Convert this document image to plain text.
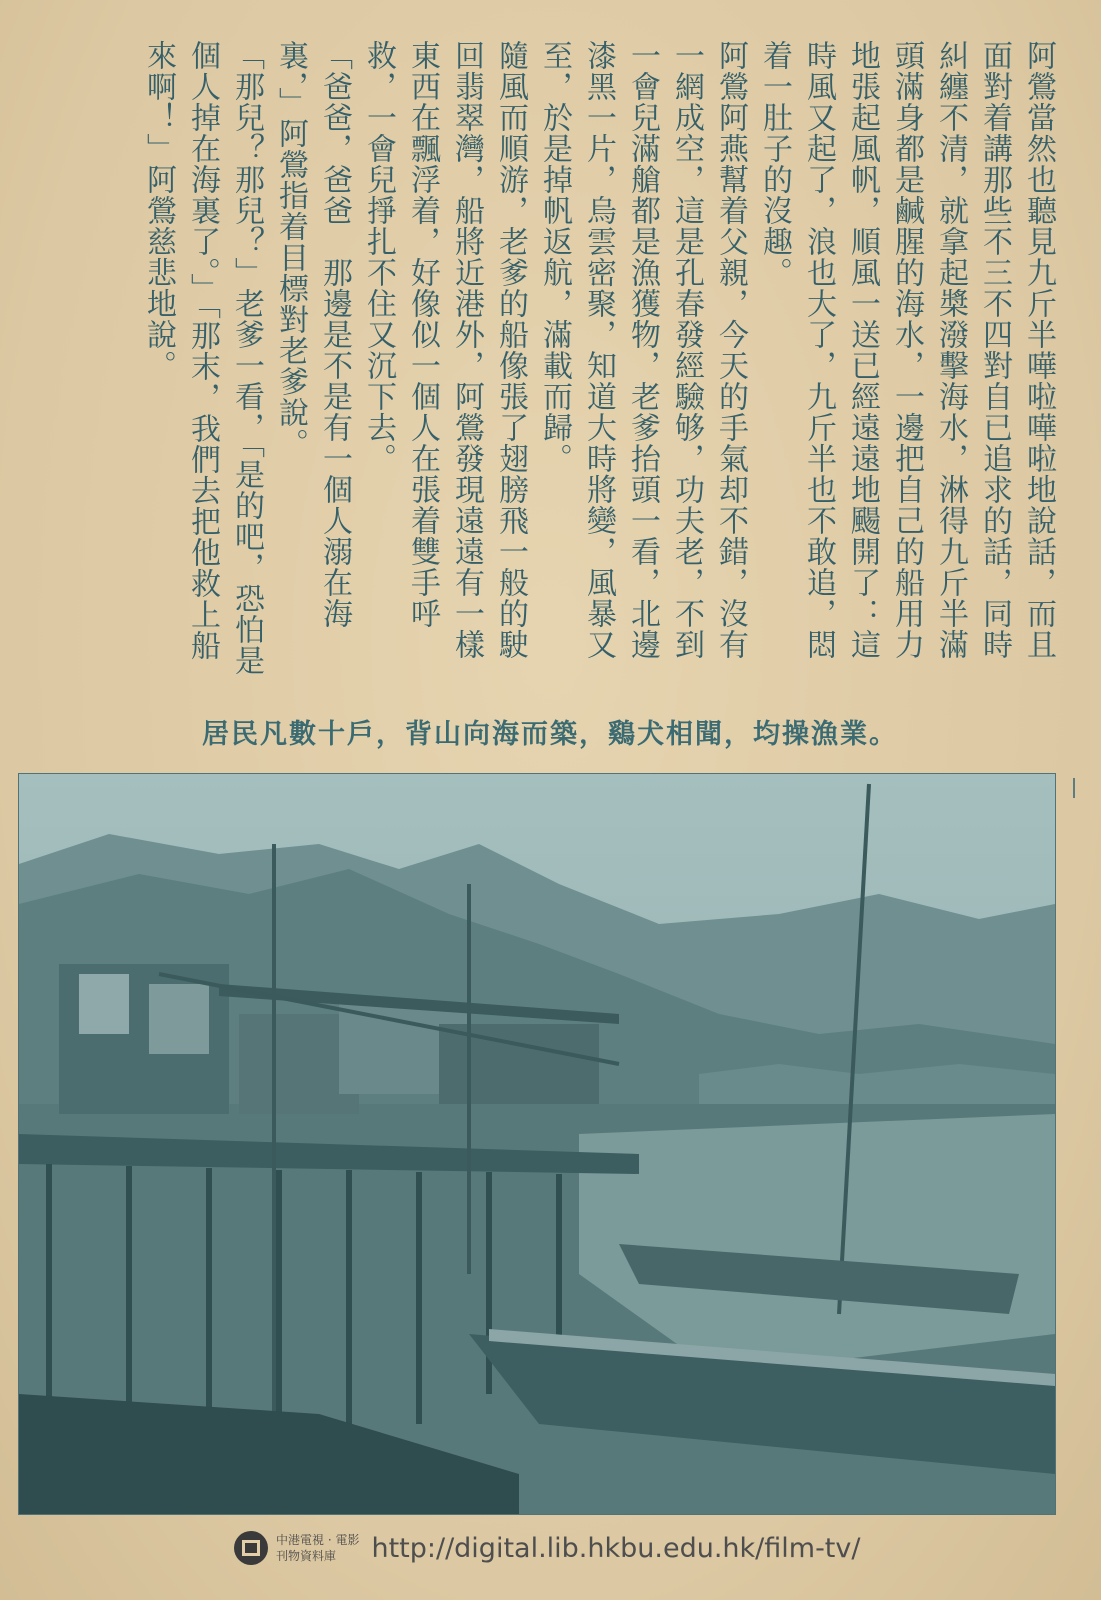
阿鶯當然也聽見九斤半嘩啦嘩啦地說話，而且面對着講那些不三不四對自已追求的話，同時糾纏不清，就拿起槳潑擊海水，淋得九斤半滿頭滿身都是鹹腥的海水，一邊把自己的船用力地張起風帆，順風一送已經遠遠地颺開了：這時風又起了，浪也大了，九斤半也不敢追，悶着一肚子的沒趣。

阿鶯阿燕幫着父親，今天的手氣却不錯，沒有一網成空，這是孔春發經驗够，功夫老，不到一會兒滿艙都是漁獲物，老爹抬頭一看，北邊漆黑一片，烏雲密聚，知道大時將變，風暴又至，於是掉帆返航，滿載而歸。

隨風而順游，老爹的船像張了翅膀飛一般的駛回翡翠灣，船將近港外，阿鶯發現遠遠有一樣東西在飄浮着，好像似一個人在張着雙手呼救，一會兒掙扎不住又沉下去。

「爸爸，爸爸　那邊是不是有一個人溺在海裏，」阿鶯指着目標對老爹說。

「那兒？那兒？」老爹一看，「是的吧，恐怕是個人掉在海裏了。」「那末，我們去把他救上船來啊！」阿鶯慈悲地說。

居民凡數十戶，背山向海而築，鷄犬相聞，均操漁業。
中港電視 · 電影
刊物資料庫	http://digital.lib.hkbu.edu.hk/film-tv/
